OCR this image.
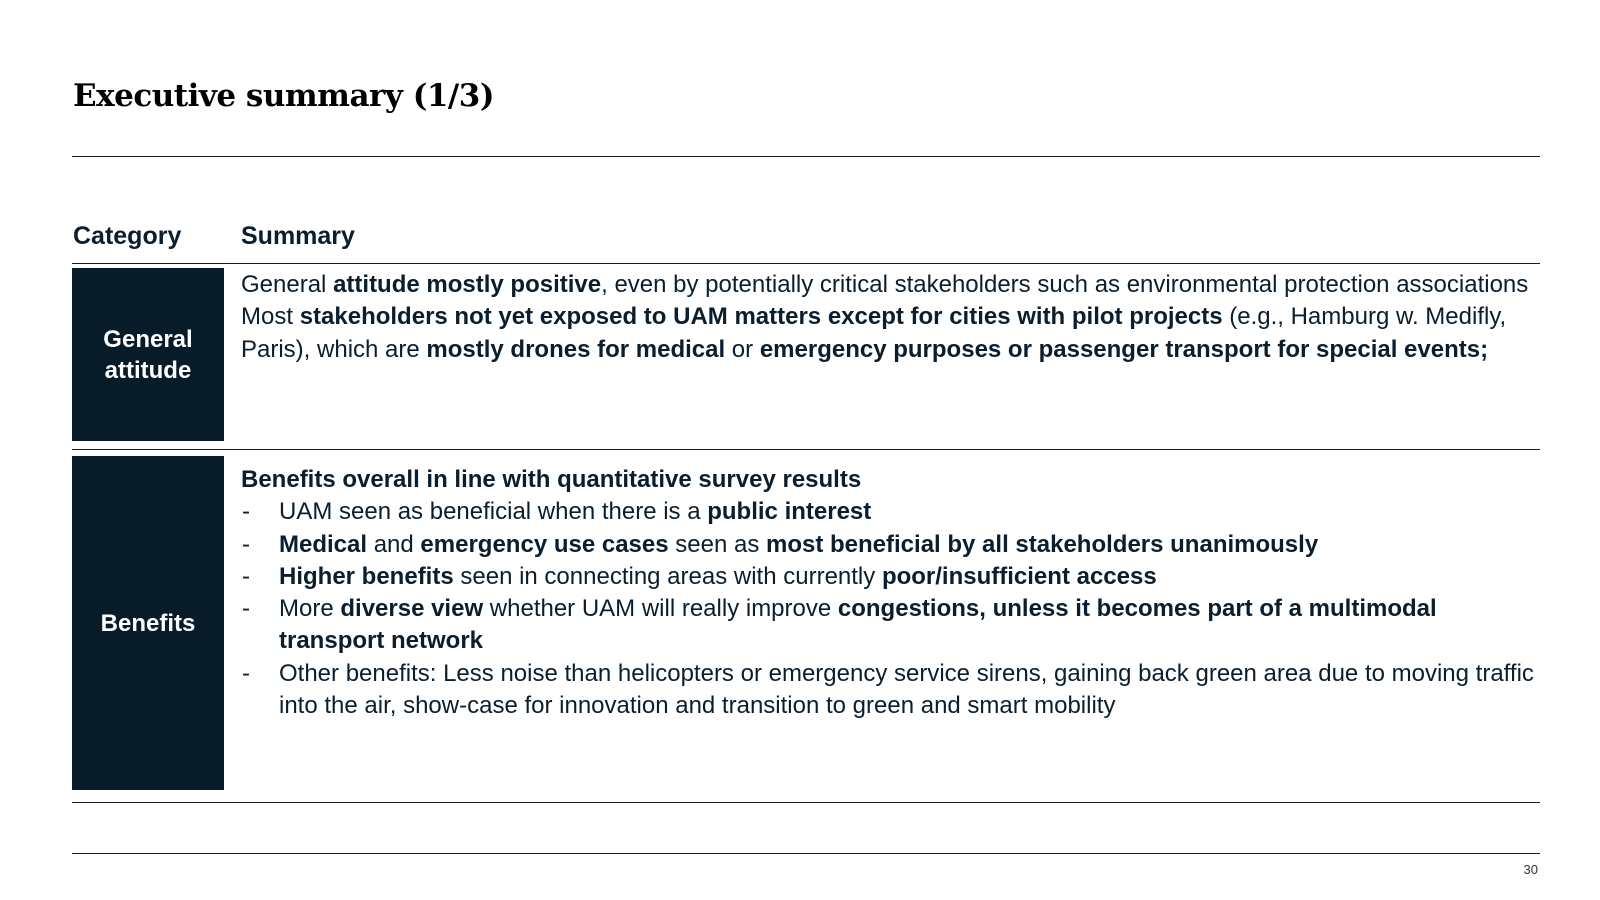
Executive summary (1/3)
Category Summary
General attitude

General attitude mostly positive, even by potentially critical stakeholders such as environmental protection associations

Most stakeholders not yet exposed to UAM matters except for cities with pilot projects (e.g., Hamburg w. Medifly, Paris), which are mostly drones for medical or emergency purposes or passenger transport for special events;

Benefits

Benefits overall in line with quantitative survey results

- UAM seen as beneficial when there is a public interest
- Medical and emergency use cases seen as most beneficial by all stakeholders unanimously
- Higher benefits seen in connecting areas with currently poor/insufficient access
- More diverse view whether UAM will really improve congestions, unless it becomes part of a multimodal transport network
- Other benefits: Less noise than helicopters or emergency service sirens, gaining back green area due to moving traffic into the air, show-case for innovation and transition to green and smart mobility
30
